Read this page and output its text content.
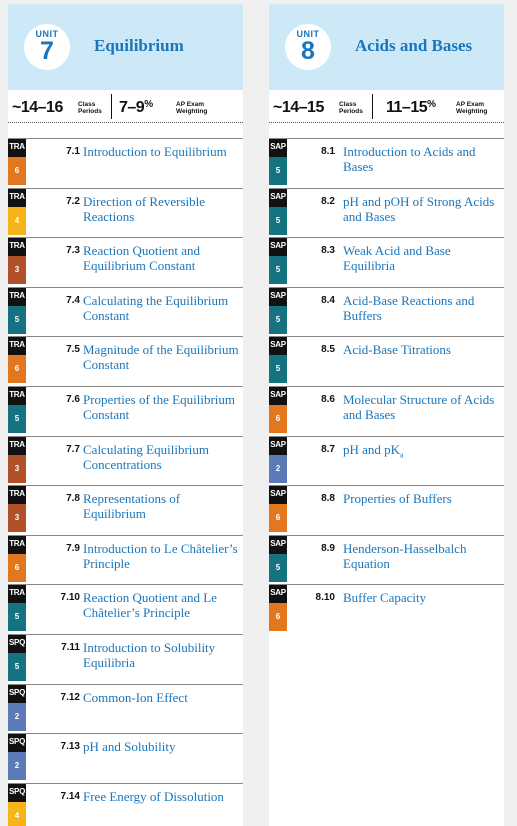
UNIT
7	Equilibrium
~14–16 Class
Periods 7–9%	AP Exam
Weighting
TRA
6
7.1 Introduction to Equilibrium
TRA
4
7.2 Direction of Reversible Reactions
TRA
3
7.3 Reaction Quotient and Equilibrium Constant
TRA
5
7.4 Calculating the Equilibrium Constant
TRA
6
7.5 Magnitude of the Equilibrium Constant
TRA
5
7.6 Properties of the Equilibrium Constant
TRA
3
7.7 Calculating Equilibrium Concentrations
TRA
3
7.8 Representations of Equilibrium
TRA
6
7.9 Introduction to Le Châtelier’s Principle
TRA
5
7.10 Reaction Quotient and Le Châtelier’s Principle
SPQ
5
7.11 Introduction to Solubility Equilibria
SPQ
2
7.12 Common-Ion Effect
SPQ
2
7.13 pH and Solubility
SPQ
4
7.14 Free Energy of Dissolution
UNIT
8	Acids and Bases
~14–15 Class
Periods 11–15%	AP Exam
Weighting
SAP
5
8.1 Introduction to Acids and Bases
SAP
5
8.2 pH and pOH of Strong Acids and Bases
SAP
5
8.3 Weak Acid and Base Equilibria
SAP
5
8.4 Acid-Base Reactions and Buffers
SAP
5
8.5 Acid-Base Titrations
SAP
6
8.6 Molecular Structure of Acids and Bases
SAP
2
8.7 pH and $pK_a$
SAP
6
8.8 Properties of Buffers
SAP
5
8.9 Henderson-Hasselbalch Equation
SAP
6
8.10 Buffer Capacity
